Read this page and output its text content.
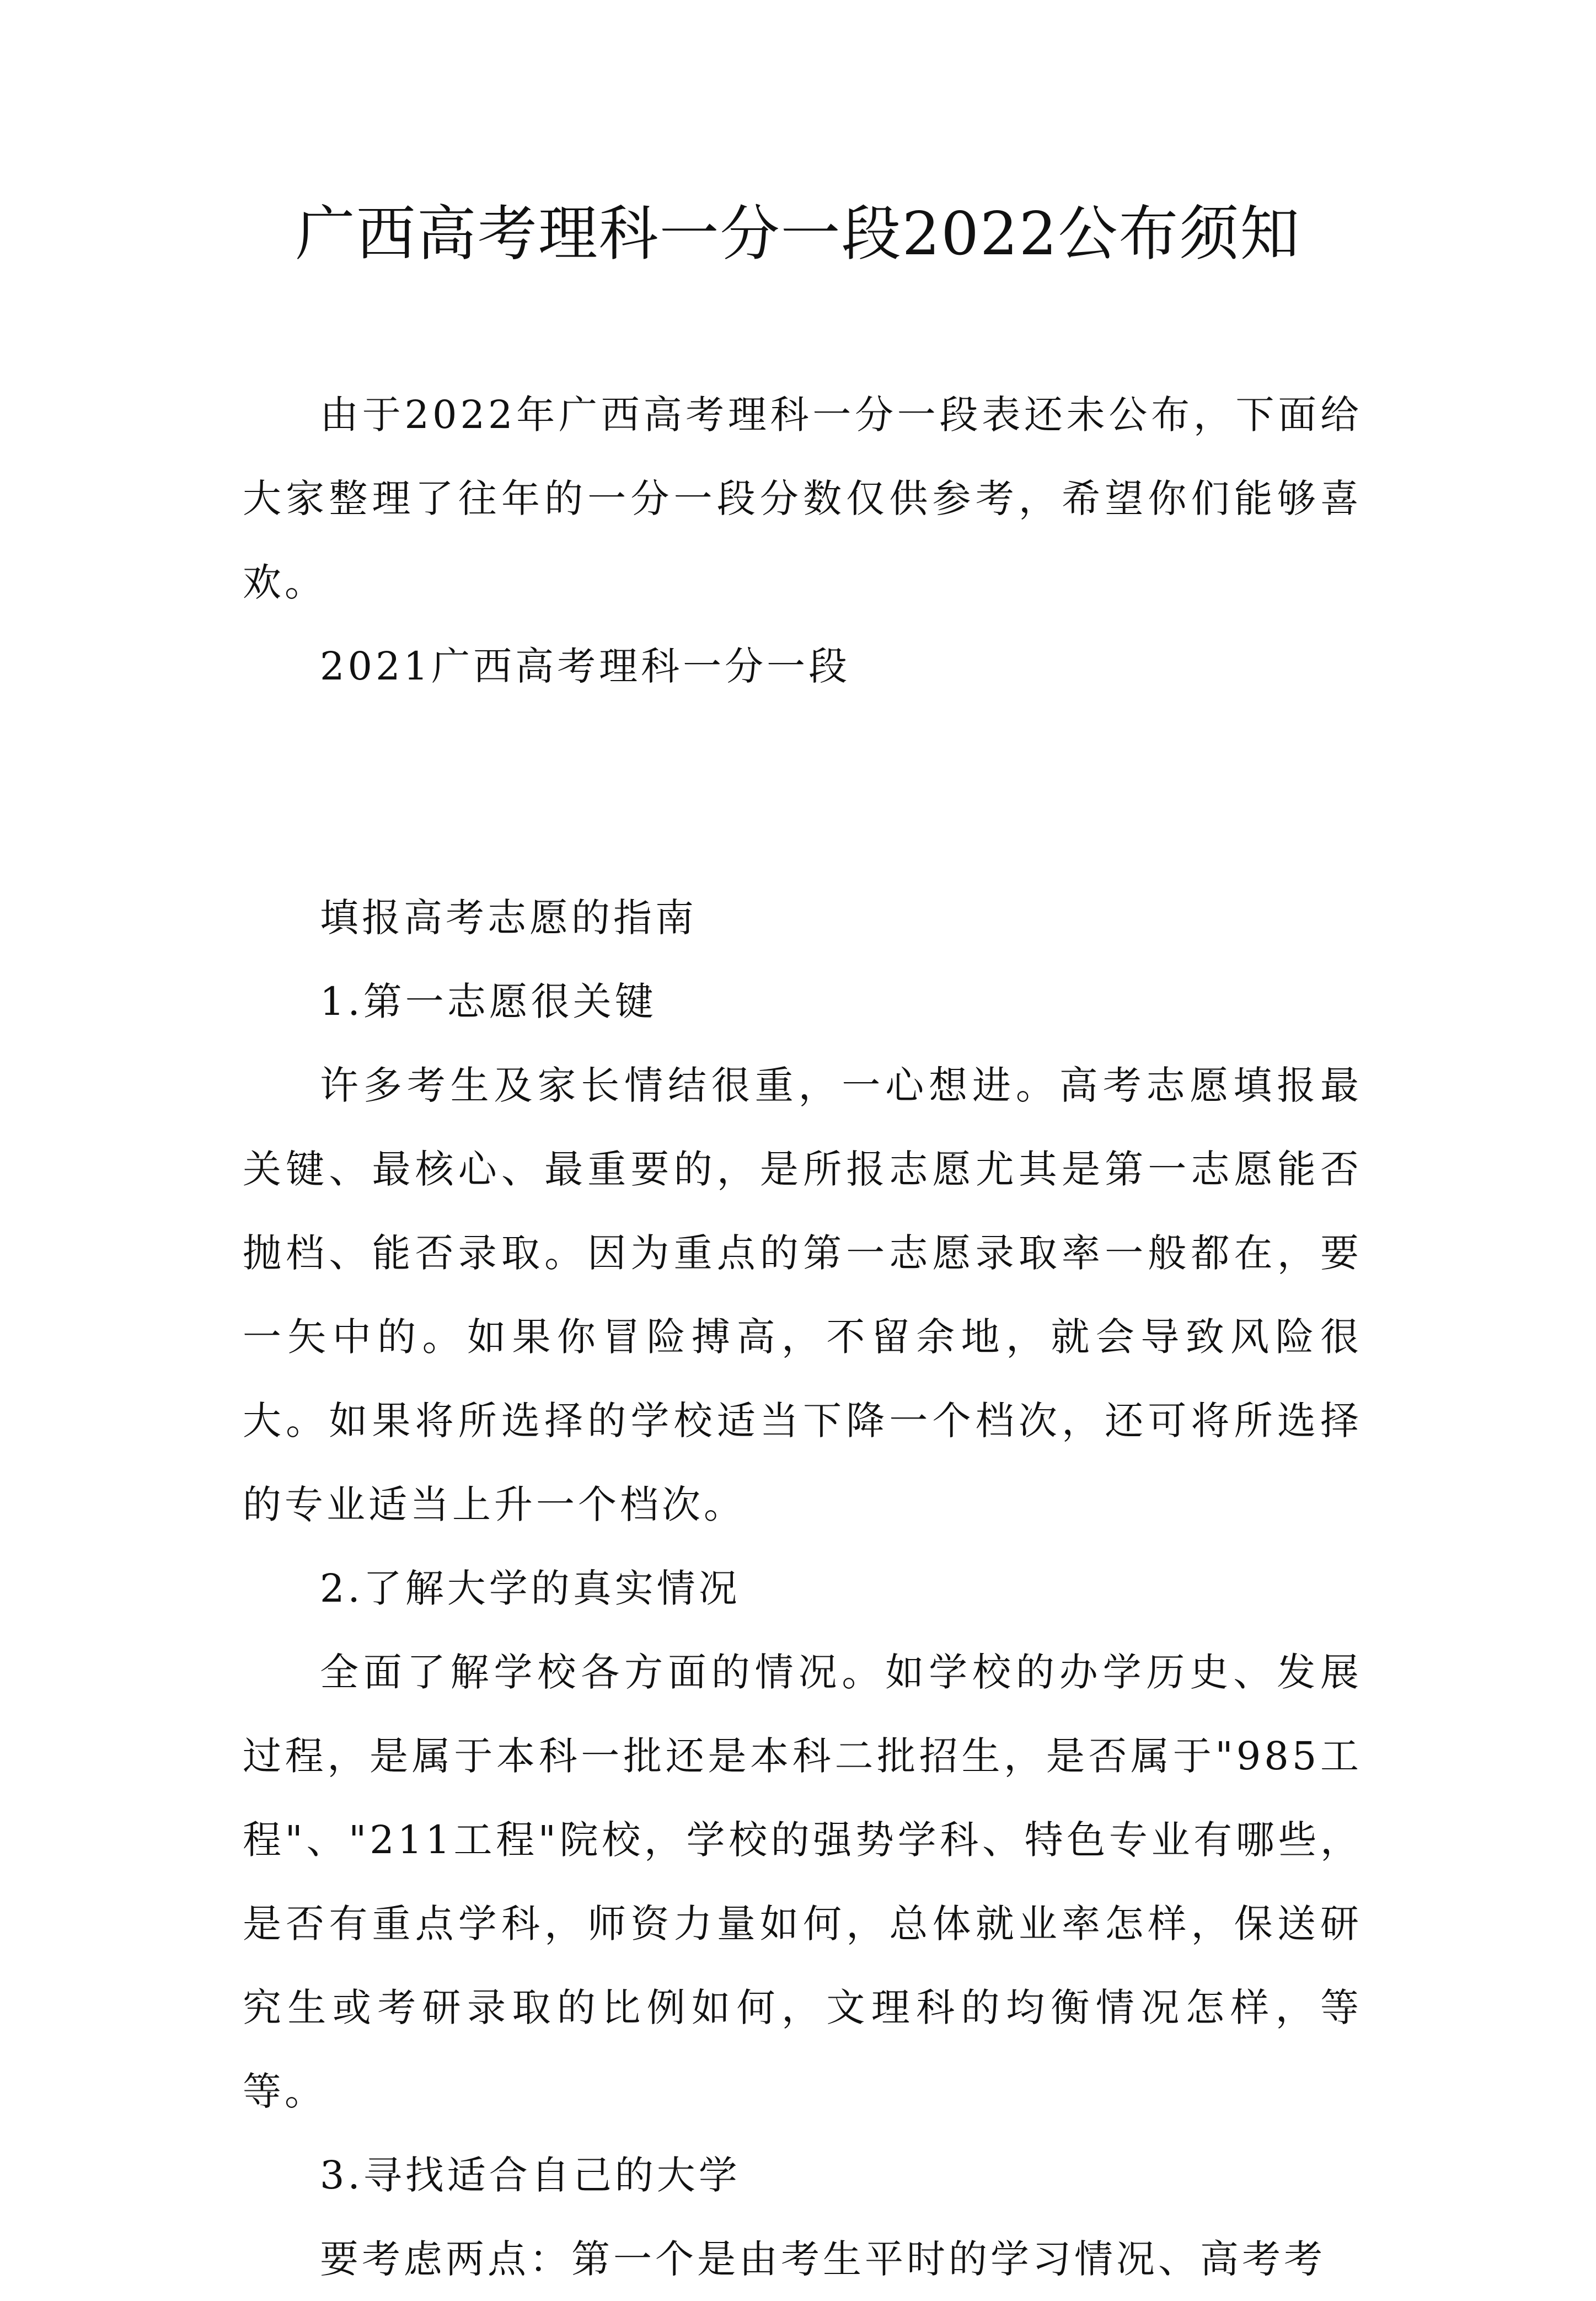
广西高考理科一分一段2022公布须知

由于2022年广西高考理科一分一段表还未公布，下面给大家整理了往年的一分一段分数仅供参考，希望你们能够喜欢。

2021广西高考理科一分一段

填报高考志愿的指南

1.第一志愿很关键

许多考生及家长情结很重，一心想进。高考志愿填报最关键、最核心、最重要的，是所报志愿尤其是第一志愿能否抛档、能否录取。因为重点的第一志愿录取率一般都在，要一矢中的。如果你冒险搏高，不留余地，就会导致风险很大。如果将所选择的学校适当下降一个档次，还可将所选择的专业适当上升一个档次。

2.了解大学的真实情况

全面了解学校各方面的情况。如学校的办学历史、发展过程，是属于本科一批还是本科二批招生，是否属于"985工程"、"211工程"院校，学校的强势学科、特色专业有哪些，是否有重点学科，师资力量如何，总体就业率怎样，保送研究生或考研录取的比例如何，文理科的均衡情况怎样，等等。

3.寻找适合自己的大学

要考虑两点：第一个是由考生平时的学习情况、高考考
